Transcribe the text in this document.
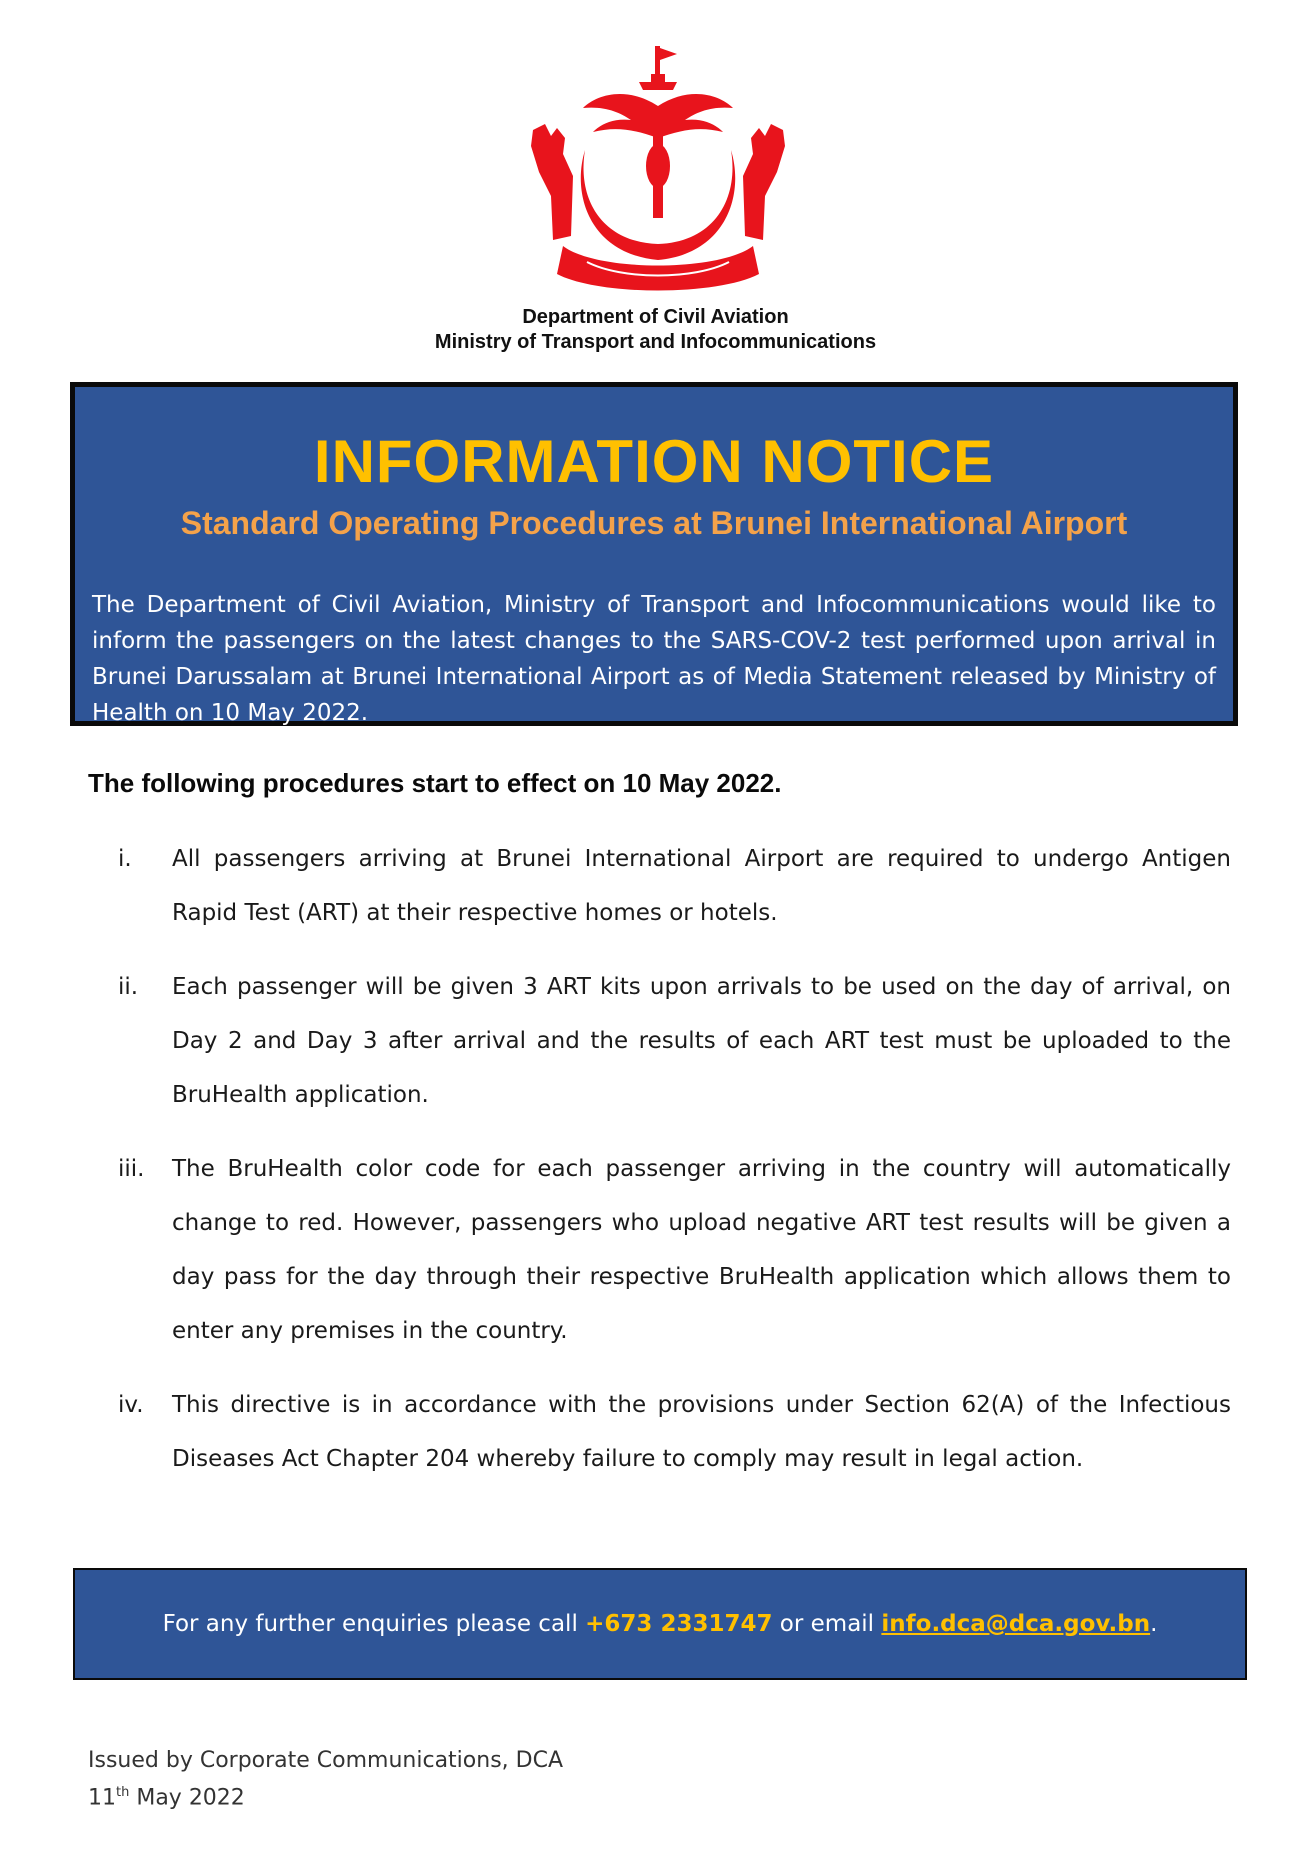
Department of Civil Aviation
Ministry of Transport and Infocommunications
INFORMATION NOTICE
Standard Operating Procedures at Brunei International Airport
The Department of Civil Aviation, Ministry of Transport and Infocommunications would like to inform the passengers on the latest changes to the SARS-COV-2 test performed upon arrival in Brunei Darussalam at Brunei International Airport as of Media Statement released by Ministry of Health on 10 May 2022.
The following procedures start to effect on 10 May 2022.
i.	All passengers arriving at Brunei International Airport are required to undergo Antigen Rapid Test (ART) at their respective homes or hotels.
ii.	Each passenger will be given 3 ART kits upon arrivals to be used on the day of arrival, on Day 2 and Day 3 after arrival and the results of each ART test must be uploaded to the BruHealth application.
iii.	The BruHealth color code for each passenger arriving in the country will automatically change to red. However, passengers who upload negative ART test results will be given a day pass for the day through their respective BruHealth application which allows them to enter any premises in the country.
iv.	This directive is in accordance with the provisions under Section 62(A) of the Infectious Diseases Act Chapter 204 whereby failure to comply may result in legal action.
For any further enquiries please call +673 2331747 or email info.dca@dca.gov.bn .
Issued by Corporate Communications, DCA
11th May 2022
